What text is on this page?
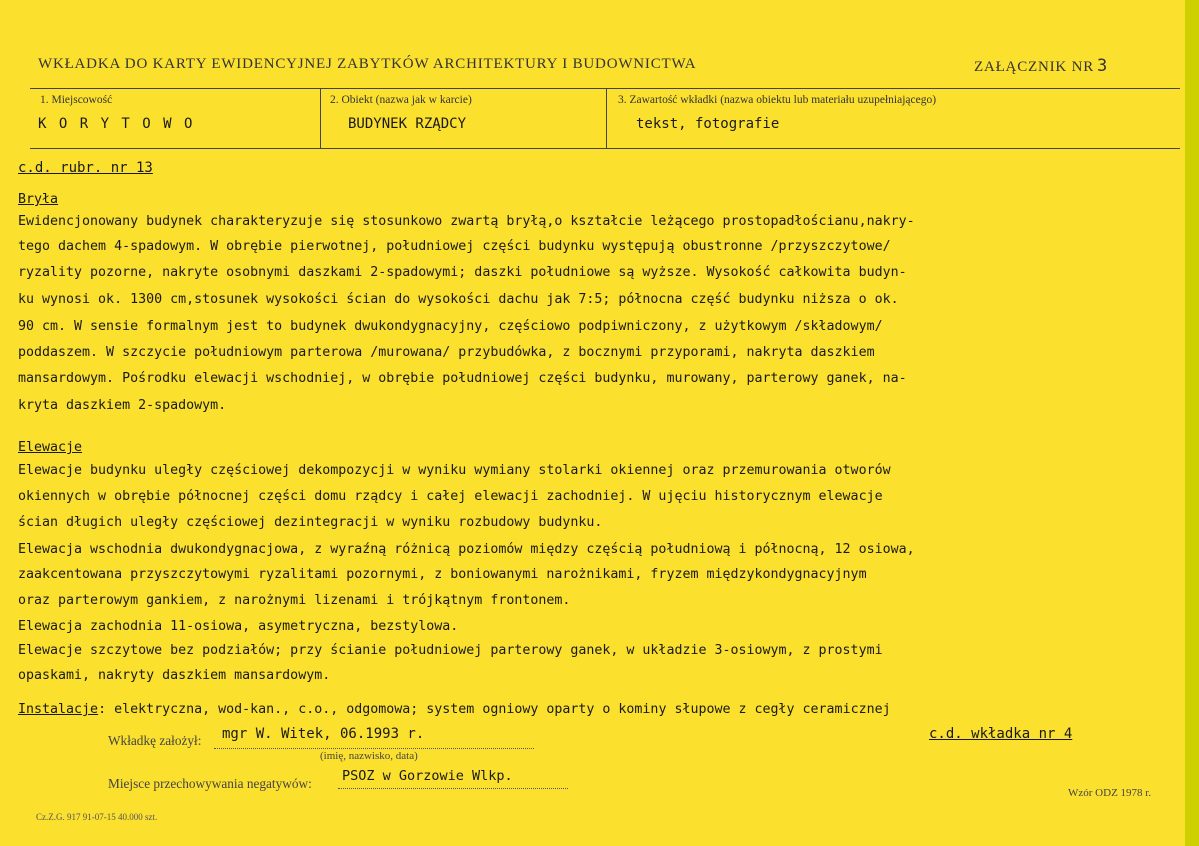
WKŁADKA DO KARTY EWIDENCYJNEJ ZABYTKÓW ARCHITEKTURY I BUDOWNICTWA	ZAŁĄCZNIK NR 3
1. Miejscowość
K O R Y T O W O
2. Obiekt (nazwa jak w karcie)
BUDYNEK RZĄDCY
3. Zawartość wkładki (nazwa obiektu lub materiału uzupełniającego)
tekst, fotografie
c.d. rubr. nr 13
Bryła
Ewidencjonowany budynek charakteryzuje się stosunkowo zwartą bryłą,o kształcie leżącego prostopadłościanu,nakry-
tego dachem 4-spadowym. W obrębie pierwotnej, południowej części budynku występują obustronne /przyszczytowe/
ryzality pozorne, nakryte osobnymi daszkami 2-spadowymi; daszki południowe są wyższe. Wysokość całkowita budyn-
ku wynosi ok. 1300 cm,stosunek wysokości ścian do wysokości dachu jak 7:5; północna część budynku niższa o ok.
90 cm. W sensie formalnym jest to budynek dwukondygnacyjny, częściowo podpiwniczony, z użytkowym /składowym/
poddaszem. W szczycie południowym parterowa /murowana/ przybudówka, z bocznymi przyporami, nakryta daszkiem
mansardowym. Pośrodku elewacji wschodniej, w obrębie południowej części budynku, murowany, parterowy ganek, na-
kryta daszkiem 2-spadowym.
Elewacje
Elewacje budynku uległy częściowej dekompozycji w wyniku wymiany stolarki okiennej oraz przemurowania otworów
okiennych w obrębie północnej części domu rządcy i całej elewacji zachodniej. W ujęciu historycznym elewacje
ścian długich uległy częściowej dezintegracji w wyniku rozbudowy budynku.
Elewacja wschodnia dwukondygnacjowa, z wyraźną różnicą poziomów między częścią południową i północną, 12 osiowa,
zaakcentowana przyszczytowymi ryzalitami pozornymi, z boniowanymi narożnikami, fryzem międzykondygnacyjnym
oraz parterowym gankiem, z narożnymi lizenami i trójkątnym frontonem.
Elewacja zachodnia 11-osiowa, asymetryczna, bezstylowa.
Elewacje szczytowe bez podziałów; przy ścianie południowej parterowy ganek, w układzie 3-osiowym, z prostymi
opaskami, nakryty daszkiem mansardowym.
Instalacje: elektryczna, wod-kan., c.o., odgomowa; system ogniowy oparty o kominy słupowe z cegły ceramicznej
Wkładkę założył: mgr W. Witek, 06.1993 r.
(imię, nazwisko, data)
c.d. wkładka nr 4
Miejsce przechowywania negatywów: PSOZ w Gorzowie Wlkp.
Wzór ODZ 1978 r.
Cz.Z.G. 917 91-07-15 40.000 szt.
